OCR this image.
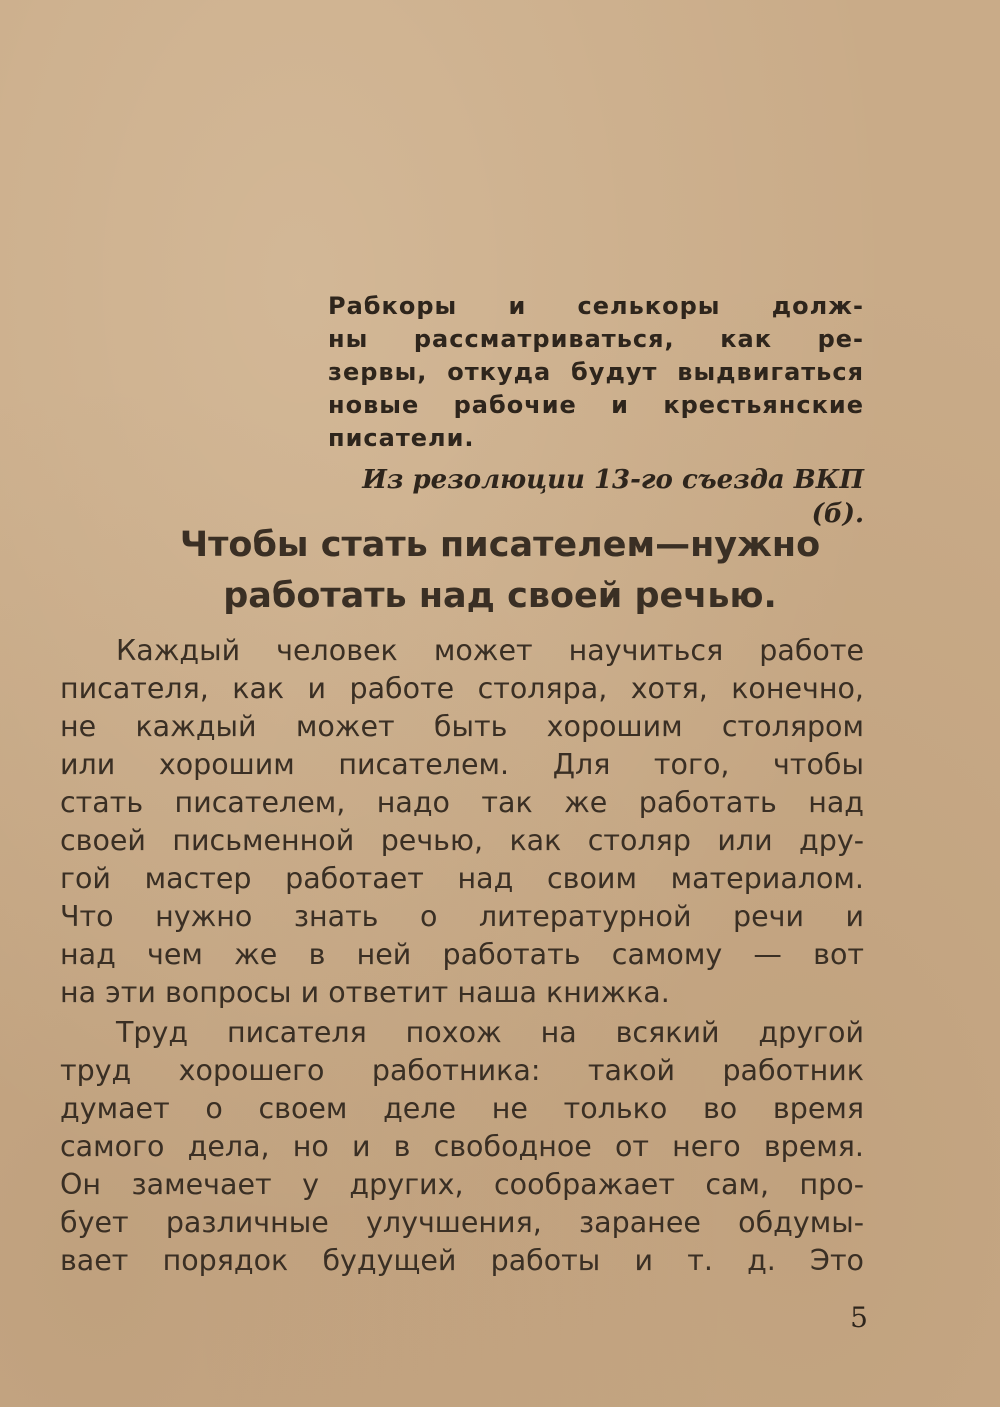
Рабкоры и селькоры долж-
ны рассматриваться, как ре-
зервы, откуда будут выдвигаться
новые рабочие и крестьянские
писатели.

Из резолюции 13-го съезда ВКП (б).

Чтобы стать писателем—нужно
работать над своей речью.

Каждый человек может научиться работе
писателя, как и работе столяра, хотя, конечно,
не каждый может быть хорошим столяром
или хорошим писателем. Для того, чтобы
стать писателем, надо так же работать над
своей письменной речью, как столяр или дру-
гой мастер работает над своим материалом.
Что нужно знать о литературной речи и
над чем же в ней работать самому — вот
на эти вопросы и ответит наша книжка.

Труд писателя похож на всякий другой
труд хорошего работника: такой работник
думает о своем деле не только во время
самого дела, но и в свободное от него время.
Он замечает у других, соображает сам, про-
бует различные улучшения, заранее обдумы-
вает порядок будущей работы и т. д. Это

5
